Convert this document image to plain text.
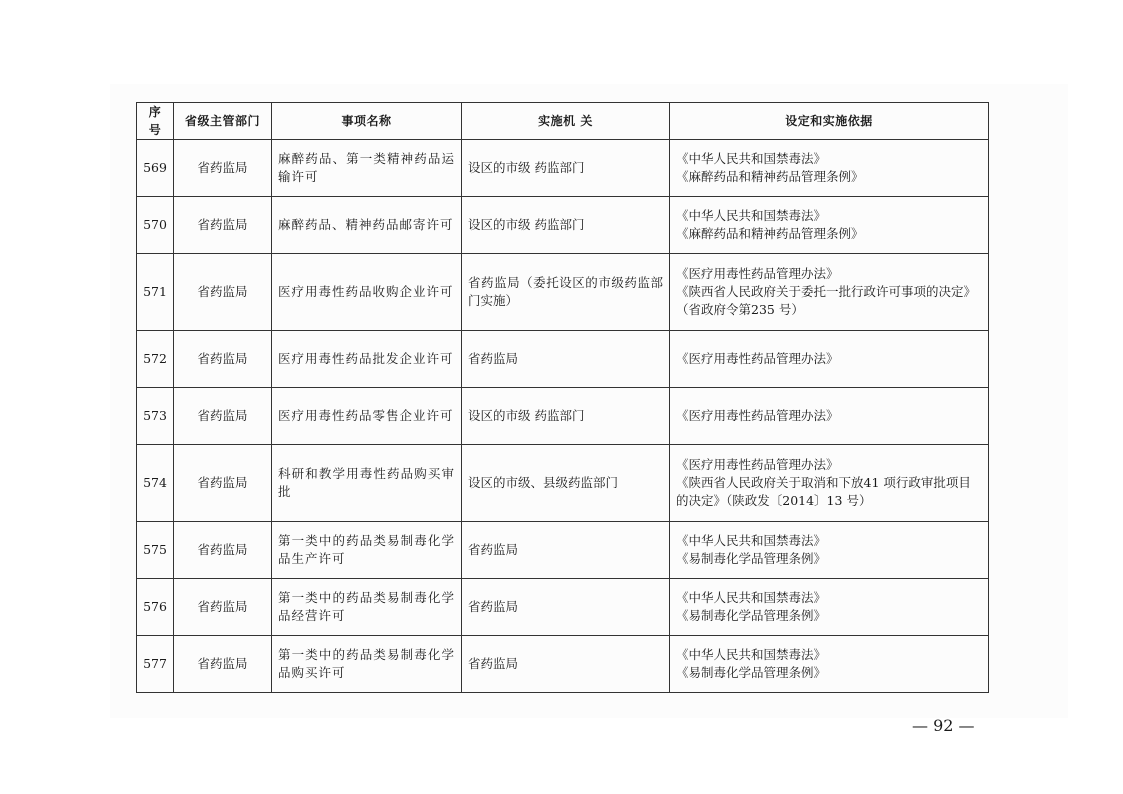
序号	省级主管部门	事项名称	实施机 关	设定和实施依据
569	省药监局	麻醉药品、第一类精神药品运输许可	设区的市级 药监部门	《中华人民共和国禁毒法》
《麻醉药品和精神药品管理条例》

570	省药监局	麻醉药品、精神药品邮寄许可	设区的市级 药监部门	《中华人民共和国禁毒法》
《麻醉药品和精神药品管理条例》

571	省药监局	医疗用毒性药品收购企业许可	省药监局（委托设区的市级药监部门实施）	《医疗用毒性药品管理办法》
《陕西省人民政府关于委托一批行政许可事项的决定》（省政府令第235 号）

572	省药监局	医疗用毒性药品批发企业许可	省药监局	《医疗用毒性药品管理办法》

573	省药监局	医疗用毒性药品零售企业许可	设区的市级 药监部门	《医疗用毒性药品管理办法》

574	省药监局	科研和教学用毒性药品购买审批	设区的市级、县级药监部门	《医疗用毒性药品管理办法》
《陕西省人民政府关于取消和下放41 项行政审批项目的决定》（陕政发〔2014〕13 号）

575	省药监局	第一类中的药品类易制毒化学品生产许可	省药监局	《中华人民共和国禁毒法》
《易制毒化学品管理条例》

576	省药监局	第一类中的药品类易制毒化学品经营许可	省药监局	《中华人民共和国禁毒法》
《易制毒化学品管理条例》

577	省药监局	第一类中的药品类易制毒化学品购买许可	省药监局	《中华人民共和国禁毒法》
《易制毒化学品管理条例》
— 92 —
